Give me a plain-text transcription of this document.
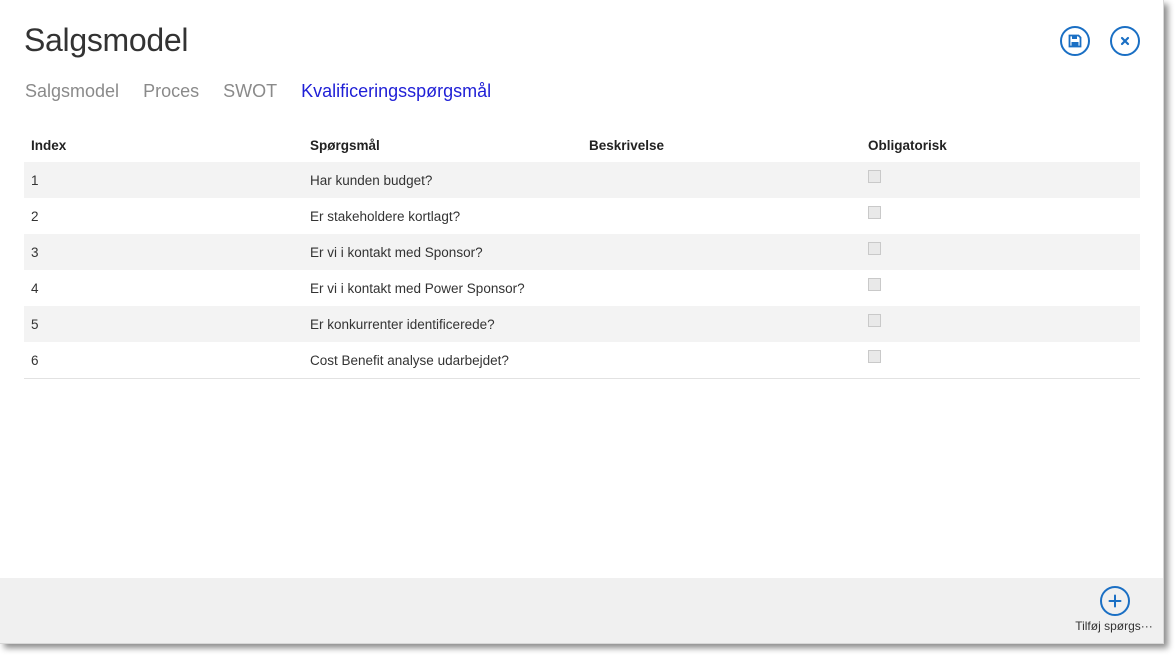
Salgsmodel
Salgsmodel Proces SWOT Kvalificeringsspørgsmål
Index	Spørgsmål	Beskrivelse	Obligatorisk
1	Har kunden budget?		
2	Er stakeholdere kortlagt?		
3	Er vi i kontakt med Sponsor?		
4	Er vi i kontakt med Power Sponsor?		
5	Er konkurrenter identificerede?		
6	Cost Benefit analyse udarbejdet?		
Tilføj spørgs···
